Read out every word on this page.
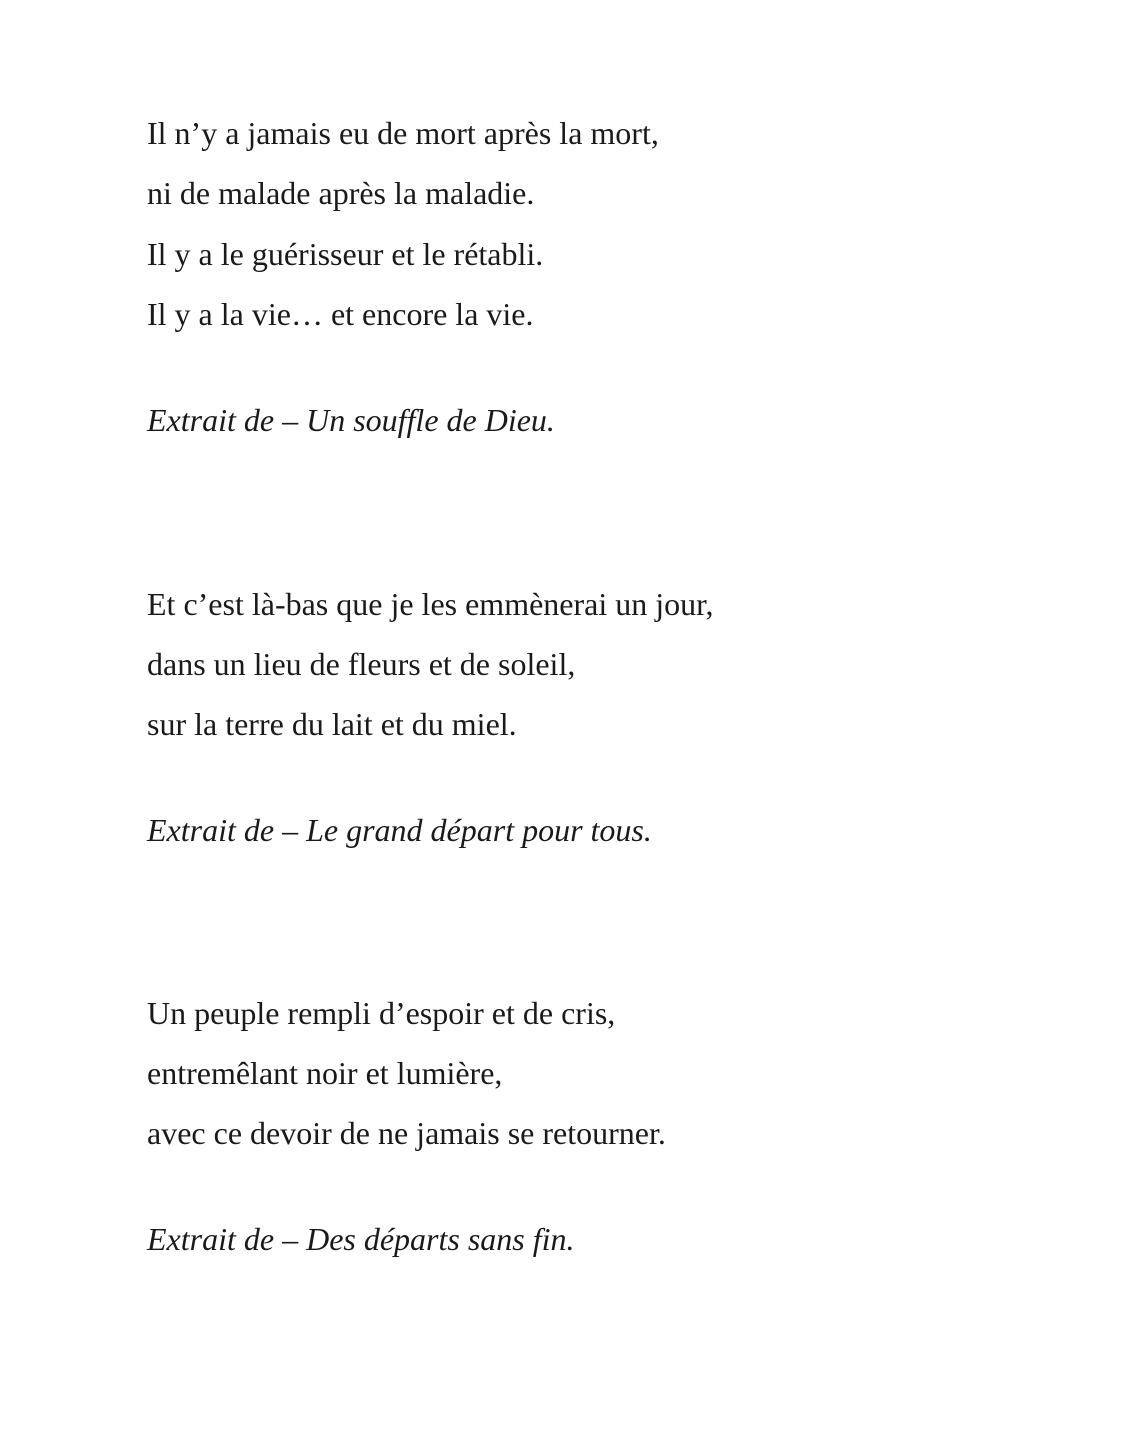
Il n’y a jamais eu de mort après la mort,
ni de malade après la maladie.
Il y a le guérisseur et le rétabli.
Il y a la vie… et encore la vie.
Extrait de – Un souffle de Dieu.
Et c’est là-bas que je les emmènerai un jour,
dans un lieu de fleurs et de soleil,
sur la terre du lait et du miel.
Extrait de – Le grand départ pour tous.
Un peuple rempli d’espoir et de cris,
entremêlant noir et lumière,
avec ce devoir de ne jamais se retourner.
Extrait de – Des départs sans fin.
